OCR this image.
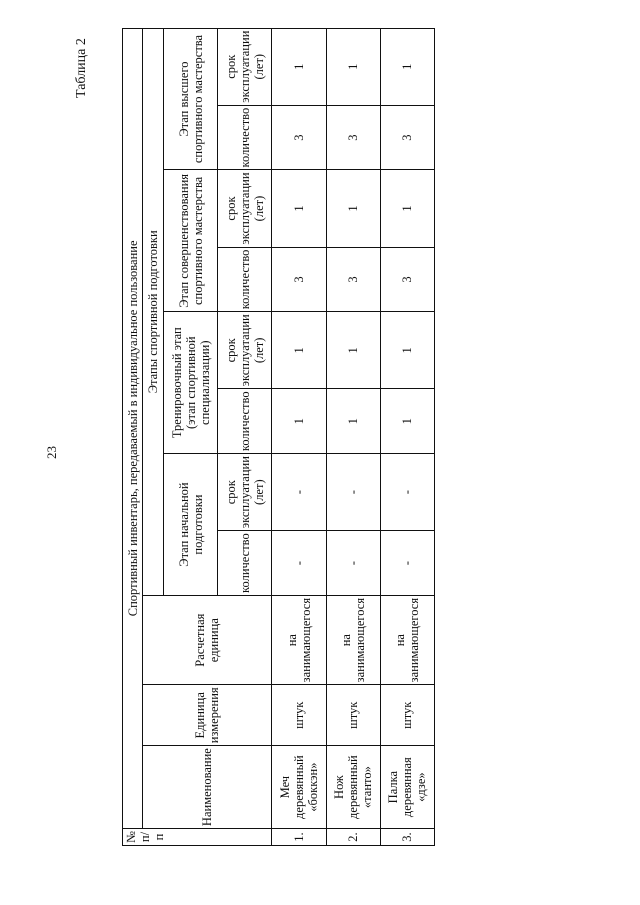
23
Таблица 2
№ п/п	Спортивный инвентарь, передаваемый в индивидуальное пользование										
	Наименование	Единица измерения	Расчетная единица	Этапы спортивной подготовки							
				Этап начальной подготовки		Тренировочный этап (этап спортивной специализации)		Этап совершенствования спортивного мастерства		Этап высшего спортивного мастерства	
				количество	срок эксплуатации (лет)	количество	срок эксплуатации (лет)	количество	срок эксплуатации (лет)	количество	срок эксплуатации (лет)
1.	Меч деревянный «боккэн»	штук	на занимающегося	-	-	1	1	3	1	3	1
2.	Нож деревянный «танто»	штук	на занимающегося	-	-	1	1	3	1	3	1
3.	Палка деревянная «дзе»	штук	на занимающегося	-	-	1	1	3	1	3	1
